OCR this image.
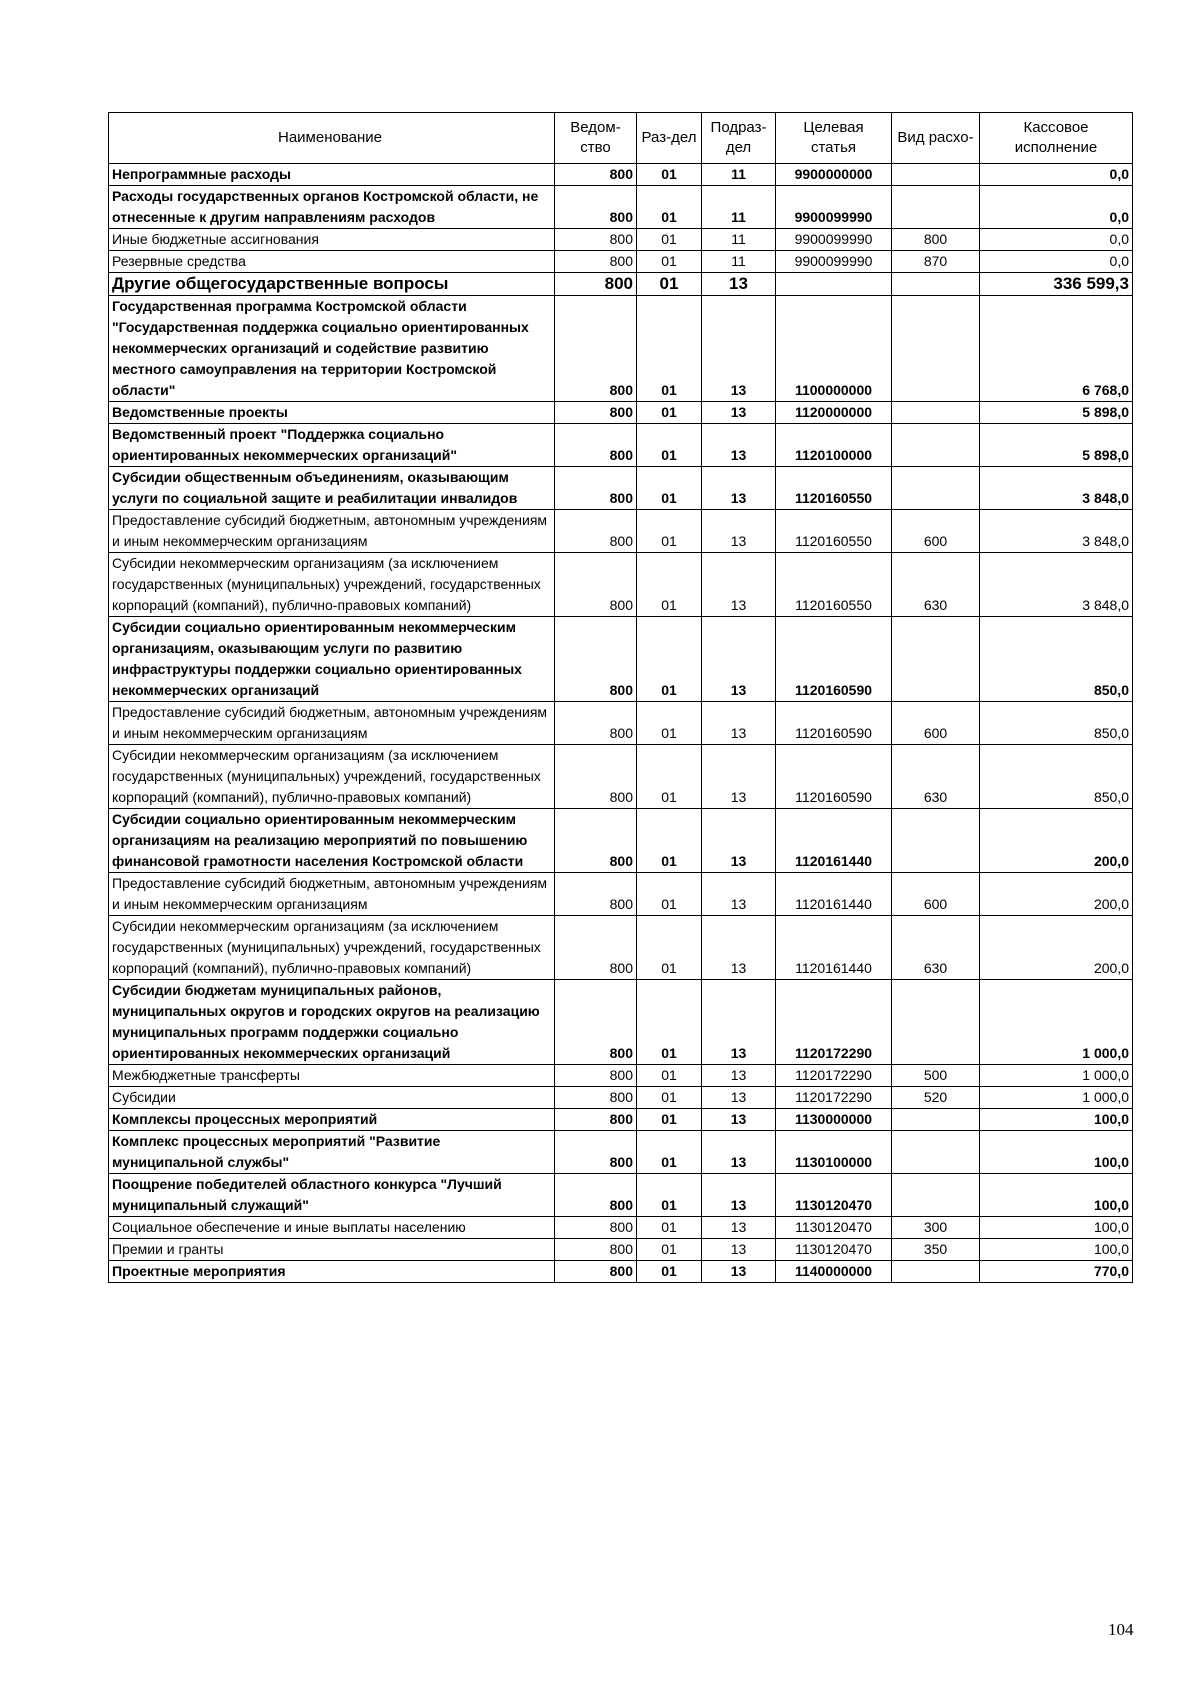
Наименование	Ведом-ство	Раз-дел	Подраз-дел	Целевая статья	Вид расхо-	Кассовое исполнение
Непрограммные расходы	800	01	11	9900000000		0,0
Расходы государственных органов Костромской области, не отнесенные к другим направлениям расходов	800	01	11	9900099990		0,0
Иные бюджетные ассигнования	800	01	11	9900099990	800	0,0
Резервные средства	800	01	11	9900099990	870	0,0
Другие общегосударственные вопросы	800	01	13			336 599,3
Государственная программа Костромской области "Государственная поддержка социально ориентированных некоммерческих организаций и содействие развитию местного самоуправления на территории Костромской области"	800	01	13	1100000000		6 768,0
Ведомственные проекты	800	01	13	1120000000		5 898,0
Ведомственный проект "Поддержка социально ориентированных некоммерческих организаций"	800	01	13	1120100000		5 898,0
Субсидии общественным объединениям, оказывающим услуги по социальной защите и реабилитации инвалидов	800	01	13	1120160550		3 848,0
Предоставление субсидий бюджетным, автономным учреждениям и иным некоммерческим организациям	800	01	13	1120160550	600	3 848,0
Субсидии некоммерческим организациям (за исключением государственных (муниципальных) учреждений, государственных корпораций (компаний), публично-правовых компаний)	800	01	13	1120160550	630	3 848,0
Субсидии социально ориентированным некоммерческим организациям, оказывающим услуги по развитию инфраструктуры поддержки социально ориентированных некоммерческих организаций	800	01	13	1120160590		850,0
Предоставление субсидий бюджетным, автономным учреждениям и иным некоммерческим организациям	800	01	13	1120160590	600	850,0
Субсидии некоммерческим организациям (за исключением государственных (муниципальных) учреждений, государственных корпораций (компаний), публично-правовых компаний)	800	01	13	1120160590	630	850,0
Субсидии социально ориентированным некоммерческим организациям на реализацию мероприятий по повышению финансовой грамотности населения Костромской области	800	01	13	1120161440		200,0
Предоставление субсидий бюджетным, автономным учреждениям и иным некоммерческим организациям	800	01	13	1120161440	600	200,0
Субсидии некоммерческим организациям (за исключением государственных (муниципальных) учреждений, государственных корпораций (компаний), публично-правовых компаний)	800	01	13	1120161440	630	200,0
Субсидии бюджетам муниципальных районов, муниципальных округов и городских округов на реализацию муниципальных программ поддержки социально ориентированных некоммерческих организаций	800	01	13	1120172290		1 000,0
Межбюджетные трансферты	800	01	13	1120172290	500	1 000,0
Субсидии	800	01	13	1120172290	520	1 000,0
Комплексы процессных мероприятий	800	01	13	1130000000		100,0
Комплекс процессных мероприятий "Развитие муниципальной службы"	800	01	13	1130100000		100,0
Поощрение победителей областного конкурса "Лучший муниципальный служащий"	800	01	13	1130120470		100,0
Социальное обеспечение и иные выплаты населению	800	01	13	1130120470	300	100,0
Премии и гранты	800	01	13	1130120470	350	100,0
Проектные мероприятия	800	01	13	1140000000		770,0
104
